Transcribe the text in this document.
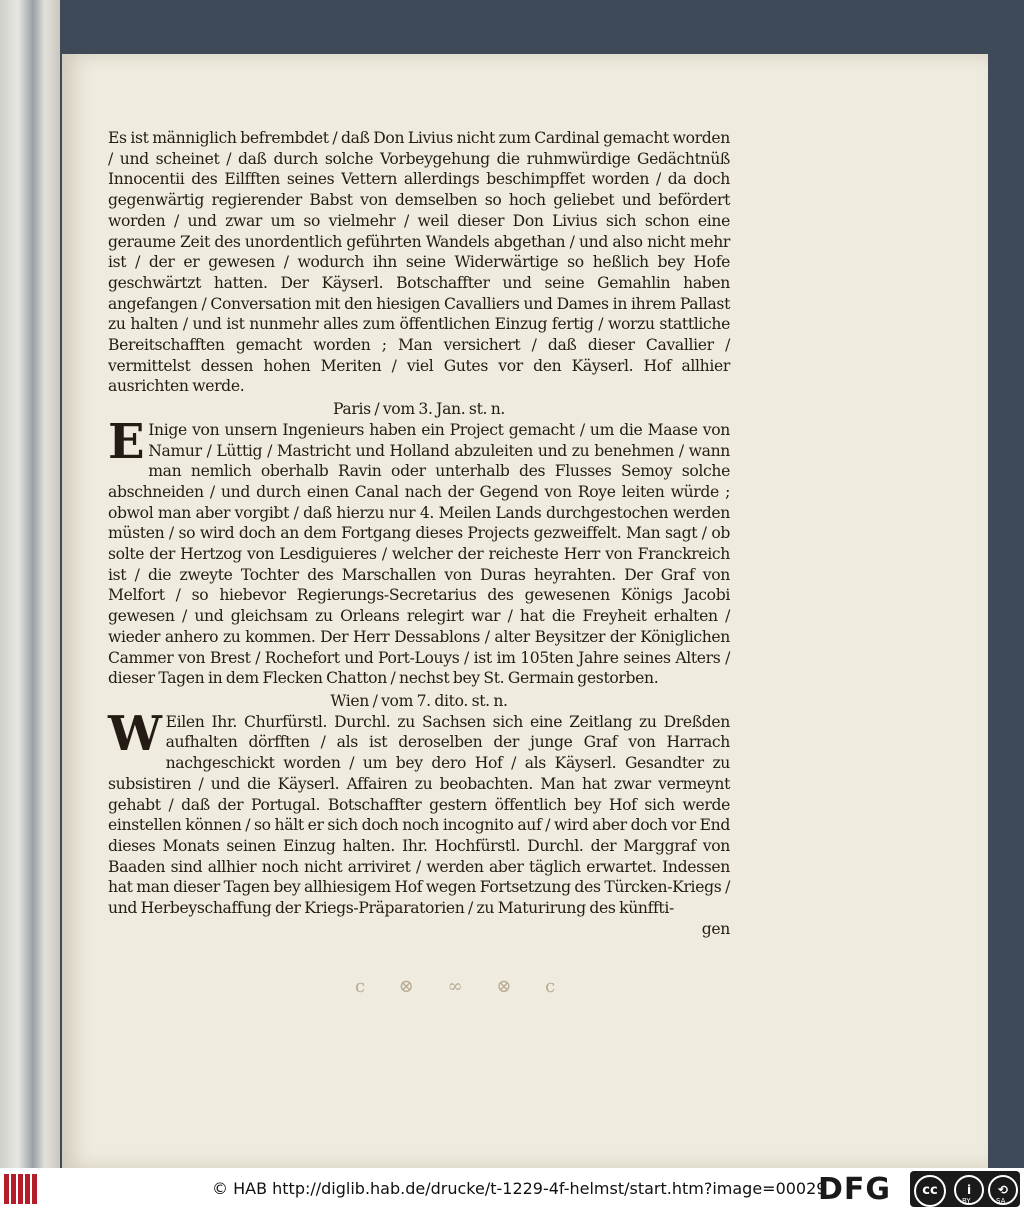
Es ist männiglich befrembdet / daß Don Livius nicht zum Cardinal gemacht worden / und scheinet / daß durch solche Vorbeygehung die ruhmwürdige Gedächtnüß Innocentii des Eilfften seines Vettern allerdings beschimpffet worden / da doch gegenwärtig regierender Babst von demselben so hoch geliebet und befördert worden / und zwar um so vielmehr / weil dieser Don Livius sich schon eine geraume Zeit des unordentlich geführten Wandels abgethan / und also nicht mehr ist / der er gewesen / wodurch ihn seine Widerwärtige so heßlich bey Hofe geschwärtzt hatten. Der Käyserl. Botschaffter und seine Gemahlin haben angefangen / Conversation mit den hiesigen Cavalliers und Dames in ihrem Pallast zu halten / und ist nunmehr alles zum öffentlichen Einzug fertig / worzu stattliche Bereitschafften gemacht worden ; Man versichert / daß dieser Cavallier / vermittelst dessen hohen Meriten / viel Gutes vor den Käyserl. Hof allhier ausrichten werde.

Paris / vom 3. Jan. st. n.

E Inige von unsern Ingenieurs haben ein Project gemacht / um die Maase von Namur / Lüttig / Mastricht und Holland abzuleiten und zu benehmen / wann man nemlich oberhalb Ravin oder unterhalb des Flusses Semoy solche abschneiden / und durch einen Canal nach der Gegend von Roye leiten würde ; obwol man aber vorgibt / daß hierzu nur 4. Meilen Lands durchgestochen werden müsten / so wird doch an dem Fortgang dieses Projects gezweiffelt. Man sagt / ob solte der Hertzog von Lesdiguieres / welcher der reicheste Herr von Franckreich ist / die zweyte Tochter des Marschallen von Duras heyrahten. Der Graf von Melfort / so hiebevor Regierungs-Secretarius des gewesenen Königs Jacobi gewesen / und gleichsam zu Orleans relegirt war / hat die Freyheit erhalten / wieder anhero zu kommen. Der Herr Dessablons / alter Beysitzer der Königlichen Cammer von Brest / Rochefort und Port-Louys / ist im 105ten Jahre seines Alters / dieser Tagen in dem Flecken Chatton / nechst bey St. Germain gestorben.

Wien / vom 7. dito. st. n.

W Eilen Ihr. Churfürstl. Durchl. zu Sachsen sich eine Zeitlang zu Dreßden aufhalten dörfften / als ist deroselben der junge Graf von Harrach nachgeschickt worden / um bey dero Hof / als Käyserl. Gesandter zu subsistiren / und die Käyserl. Affairen zu beobachten. Man hat zwar vermeynt gehabt / daß der Portugal. Botschaffter gestern öffentlich bey Hof sich werde einstellen können / so hält er sich doch noch incognito auf / wird aber doch vor End dieses Monats seinen Einzug halten. Ihr. Hochfürstl. Durchl. der Marggraf von Baaden sind allhier noch nicht arriviret / werden aber täglich erwartet. Indessen hat man dieser Tagen bey allhiesigem Hof wegen Fortsetzung des Türcken-Kriegs / und Herbeyschaffung der Kriegs-Präparatorien / zu Maturirung des künffti-

gen

c ⊗ ∞ ⊗ c
© HAB http://diglib.hab.de/drucke/t-1229-4f-helmst/start.htm?image=00029
DFG	cc	i	⟲
BY	SA
